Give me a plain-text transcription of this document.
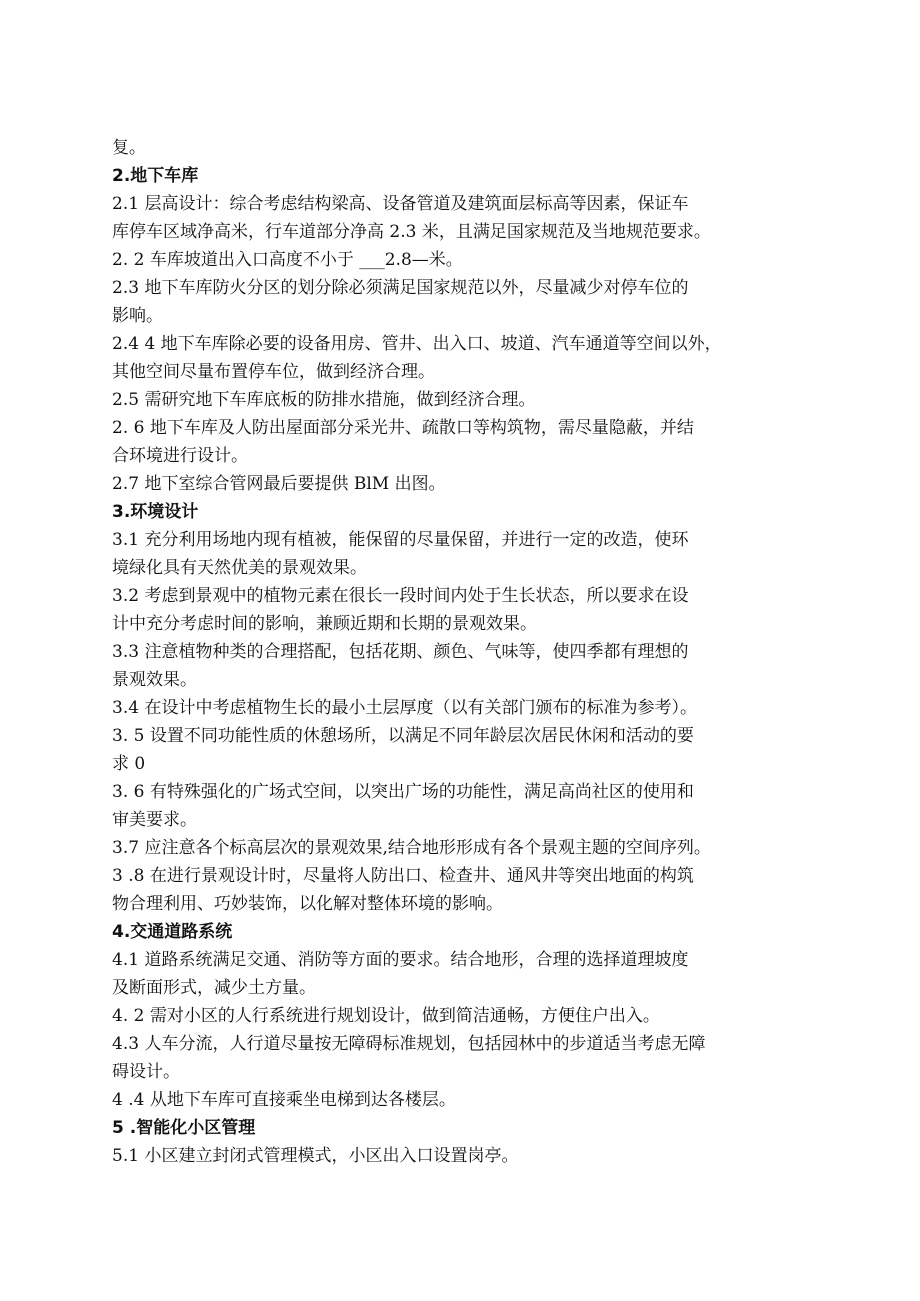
复。
2.地下车库
2.1 层高设计：综合考虑结构梁高、设备管道及建筑面层标高等因素，保证车
库停车区域净高米，行车道部分净高 2.3 米，且满足国家规范及当地规范要求。
2. 2 车库坡道出入口高度不小于 ___2.8—米。
2.3 地下车库防火分区的划分除必须满足国家规范以外，尽量减少对停车位的
影响。
2.4 4 地下车库除必要的设备用房、管井、出入口、坡道、汽车通道等空间以外，
其他空间尽量布置停车位，做到经济合理。
2.5 需研究地下车库底板的防排水措施，做到经济合理。
2. 6 地下车库及人防出屋面部分采光井、疏散口等构筑物，需尽量隐蔽，并结
合环境进行设计。
2.7 地下室综合管网最后要提供 BlM 出图。
3.环境设计
3.1 充分利用场地内现有植被，能保留的尽量保留，并进行一定的改造，使环
境绿化具有天然优美的景观效果。
3.2 考虑到景观中的植物元素在很长一段时间内处于生长状态，所以要求在设
计中充分考虑时间的影响，兼顾近期和长期的景观效果。
3.3 注意植物种类的合理搭配，包括花期、颜色、气味等，使四季都有理想的
景观效果。
3.4 在设计中考虑植物生长的最小土层厚度（以有关部门颁布的标准为参考）。
3. 5 设置不同功能性质的休憩场所，以满足不同年龄层次居民休闲和活动的要
求 0
3. 6 有特殊强化的广场式空间，以突出广场的功能性，满足高尚社区的使用和
审美要求。
3.7 应注意各个标高层次的景观效果,结合地形形成有各个景观主题的空间序列。
3 .8 在进行景观设计时，尽量将人防出口、检查井、通风井等突出地面的构筑
物合理利用、巧妙装饰，以化解对整体环境的影响。
4.交通道路系统
4.1 道路系统满足交通、消防等方面的要求。结合地形，合理的选择道理坡度
及断面形式，减少土方量。
4. 2 需对小区的人行系统进行规划设计，做到简洁通畅，方便住户出入。
4.3 人车分流，人行道尽量按无障碍标准规划，包括园林中的步道适当考虑无障
碍设计。
4 .4 从地下车库可直接乘坐电梯到达各楼层。
5 .智能化小区管理
5.1 小区建立封闭式管理模式，小区出入口设置岗亭。
